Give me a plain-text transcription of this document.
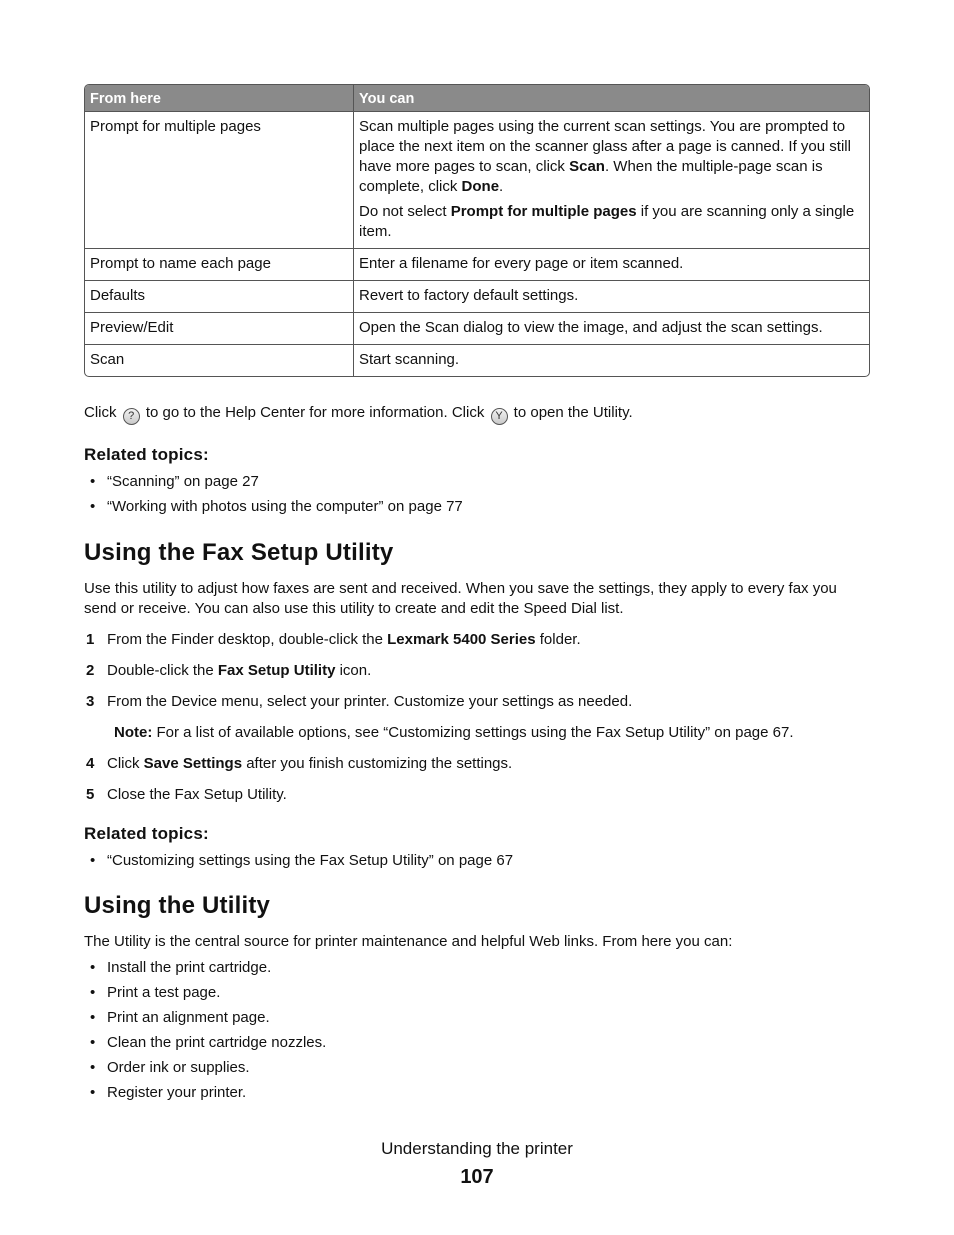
From here	You can
Prompt for multiple pages	Scan multiple pages using the current scan settings. You are prompted to place the next item on the scanner glass after a page is canned. If you still have more pages to scan, click Scan. When the multiple-page scan is complete, click Done.

Do not select Prompt for multiple pages if you are scanning only a single item.

Prompt to name each page	Enter a filename for every page or item scanned.
Defaults	Revert to factory default settings.
Preview/Edit	Open the Scan dialog to view the image, and adjust the scan settings.
Scan	Start scanning.

Click ? to go to the Help Center for more information. Click Y to open the Utility.

Related topics:
• “Scanning” on page 27
• “Working with photos using the computer” on page 77
Using the Fax Setup Utility

Use this utility to adjust how faxes are sent and received. When you save the settings, they apply to every fax you send or receive. You can also use this utility to create and edit the Speed Dial list.

1 From the Finder desktop, double-click the Lexmark 5400 Series folder.
2 Double-click the Fax Setup Utility icon.
3 From the Device menu, select your printer. Customize your settings as needed.

Note: For a list of available options, see “Customizing settings using the Fax Setup Utility” on page 67.

4 Click Save Settings after you finish customizing the settings.
5 Close the Fax Setup Utility.
Related topics:
• “Customizing settings using the Fax Setup Utility” on page 67
Using the Utility

The Utility is the central source for printer maintenance and helpful Web links. From here you can:

• Install the print cartridge.
• Print a test page.
• Print an alignment page.
• Clean the print cartridge nozzles.
• Order ink or supplies.
• Register your printer.
Understanding the printer
107
